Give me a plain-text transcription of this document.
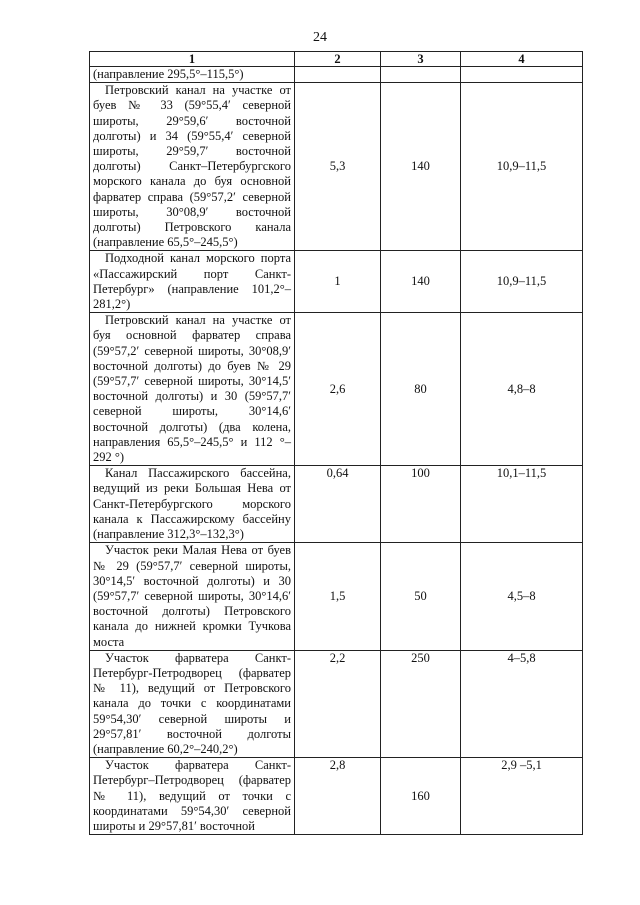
24
1	2	3	4
(направление 295,5°–115,5°)			
Петровский канал на участке от буев № 33 (59°55,4′ северной широты, 29°59,6′ восточной долготы) и 34 (59°55,4′ северной широты, 29°59,7′ восточной долготы) Санкт–Петербургского морского канала до буя основной фарватер справа (59°57,2′ северной широты, 30°08,9′ восточной долготы) Петровского канала (направление 65,5°–245,5°)	5,3	140	10,9–11,5
Подходной канал морского порта «Пассажирский порт Санкт-Петербург» (направление 101,2°–281,2°)	1	140	10,9–11,5
Петровский канал на участке от буя основной фарватер справа (59°57,2′ северной широты, 30°08,9′ восточной долготы) до буев № 29 (59°57,7′ северной широты, 30°14,5′ восточной долготы) и 30 (59°57,7′ северной широты, 30°14,6′ восточной долготы) (два колена, направления 65,5°–245,5° и 112 °–292 °)	2,6	80	4,8–8
Канал Пассажирского бассейна, ведущий из реки Большая Нева от Санкт-Петербургского морского канала к Пассажирскому бассейну (направление 312,3°–132,3°)	0,64	100	10,1–11,5
Участок реки Малая Нева от буев № 29 (59°57,7′ северной широты, 30°14,5′ восточной долготы) и 30 (59°57,7′ северной широты, 30°14,6′ восточной долготы) Петровского канала до нижней кромки Тучкова моста	1,5	50	4,5–8
Участок фарватера Санкт-Петербург-Петродворец (фарватер № 11), ведущий от Петровского канала до точки с координатами 59°54,30′ северной широты и 29°57,81′ восточной долготы (направление 60,2°–240,2°)	2,2	250	4–5,8
Участок фарватера Санкт-Петербург–Петродворец (фарватер № 11), ведущий от точки с координатами 59°54,30′ северной широты и 29°57,81′ восточной	2,8	160	2,9 –5,1
